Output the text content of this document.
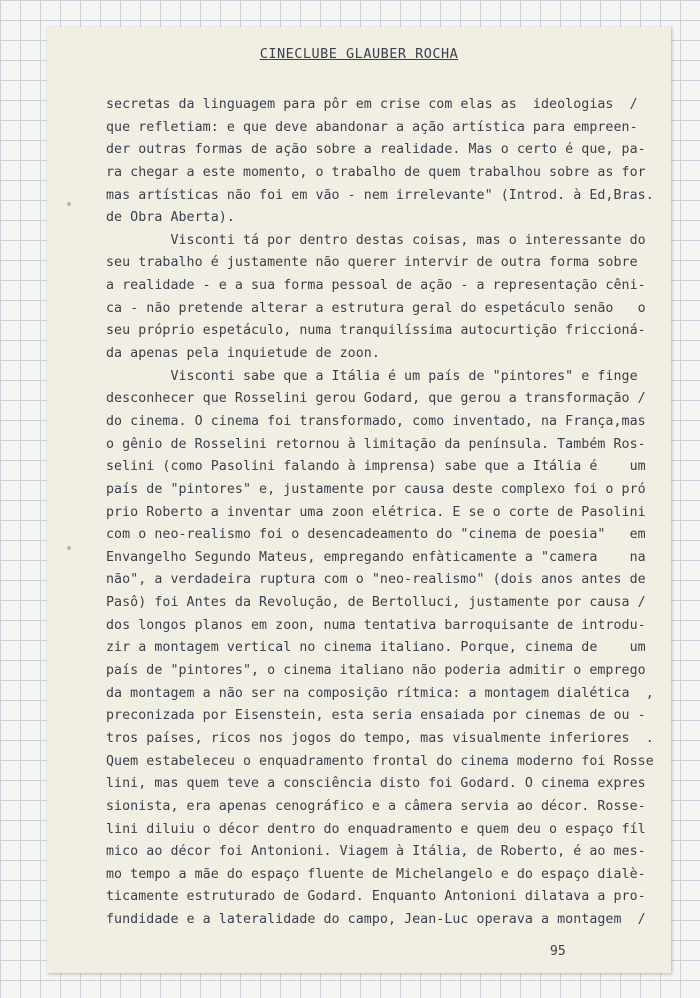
CINECLUBE GLAUBER ROCHA
secretas da linguagem para pôr em crise com elas as  ideologias  /
que refletiam: e que deve abandonar a ação artística para empreen-
der outras formas de ação sobre a realidade. Mas o certo é que, pa-
ra chegar a este momento, o trabalho de quem trabalhou sobre as for
mas artísticas não foi em vão - nem irrelevante" (Introd. à Ed,Bras.
de Obra Aberta).
Visconti tá por dentro destas coisas, mas o interessante do
seu trabalho é justamente não querer intervir de outra forma sobre
a realidade - e a sua forma pessoal de ação - a representação cêni-
ca - não pretende alterar a estrutura geral do espetáculo senão   o
seu próprio espetáculo, numa tranquilíssima autocurtição friccioná-
da apenas pela inquietude de zoon.
Visconti sabe que a Itália é um país de "pintores" e finge
desconhecer que Rosselini gerou Godard, que gerou a transformação /
do cinema. O cinema foi transformado, como inventado, na França,mas
o gênio de Rosselini retornou à limitação da península. Também Ros-
selini (como Pasolini falando à imprensa) sabe que a Itália é    um
país de "pintores" e, justamente por causa deste complexo foi o pró
prio Roberto a inventar uma zoon elétrica. E se o corte de Pasolini
com o neo-realismo foi o desencadeamento do "cinema de poesia"   em
Envangelho Segundo Mateus, empregando enfàticamente a "camera    na
não", a verdadeira ruptura com o "neo-realismo" (dois anos antes de
Pasô) foi Antes da Revolução, de Bertolluci, justamente por causa /
dos longos planos em zoon, numa tentativa barroquisante de introdu-
zir a montagem vertical no cinema italiano. Porque, cinema de    um
país de "pintores", o cinema italiano não poderia admitir o emprego
da montagem a não ser na composição rítmica: a montagem dialética  ,
preconizada por Eisenstein, esta seria ensaiada por cinemas de ou -
tros países, ricos nos jogos do tempo, mas visualmente inferiores  .
Quem estabeleceu o enquadramento frontal do cinema moderno foi Rosse
lini, mas quem teve a consciência disto foi Godard. O cinema expres
sionista, era apenas cenográfico e a câmera servia ao décor. Rosse-
lini diluiu o décor dentro do enquadramento e quem deu o espaço fíl
mico ao décor foi Antonioni. Viagem à Itália, de Roberto, é ao mes-
mo tempo a mãe do espaço fluente de Michelangelo e do espaço dialè-
ticamente estruturado de Godard. Enquanto Antonioni dilatava a pro-
fundidade e a lateralidade do campo, Jean-Luc operava a montagem  /
95
